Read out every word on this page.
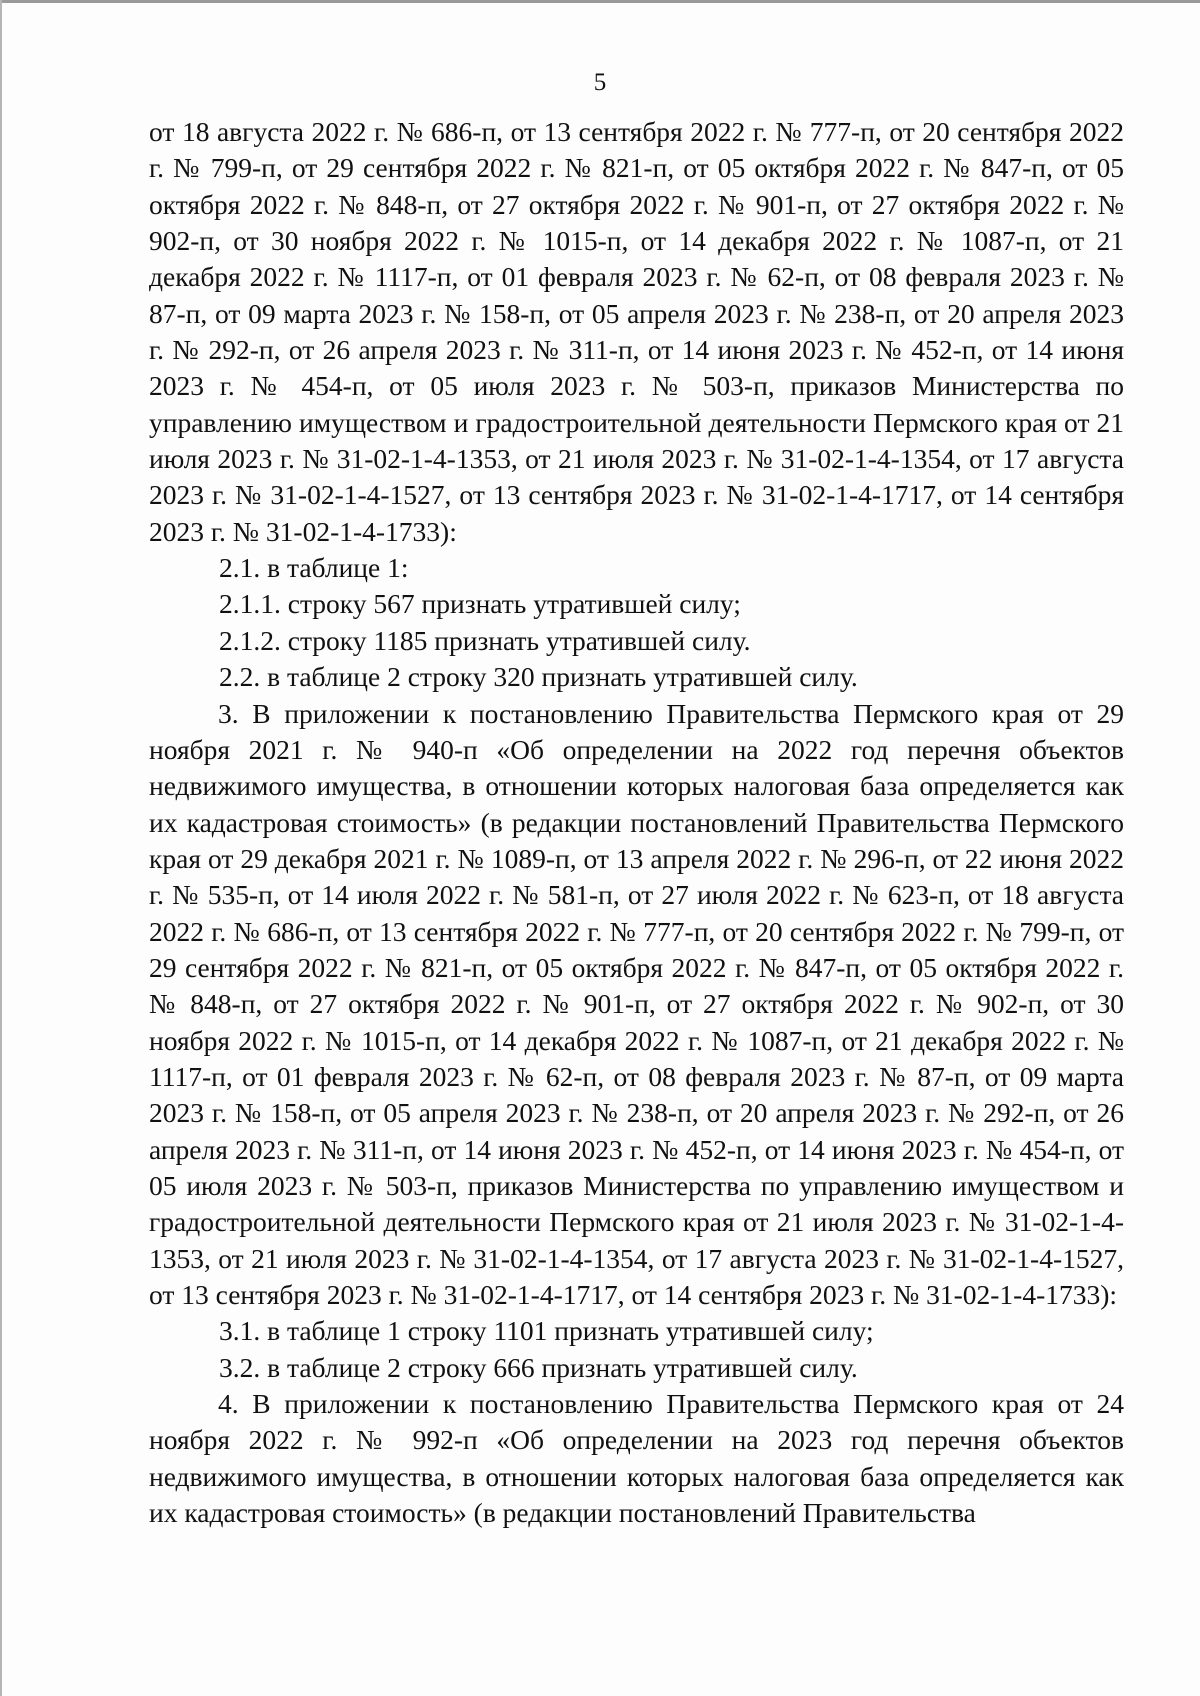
5

от 18 августа 2022 г. № 686-п, от 13 сентября 2022 г. № 777-п, от 20 сентября 2022 г. № 799-п, от 29 сентября 2022 г. № 821-п, от 05 октября 2022 г. № 847-п, от 05 октября 2022 г. № 848-п, от 27 октября 2022 г. № 901-п, от 27 октября 2022 г. № 902-п, от 30 ноября 2022 г. № 1015-п, от 14 декабря 2022 г. № 1087-п, от 21 декабря 2022 г. № 1117-п, от 01 февраля 2023 г. № 62-п, от 08 февраля 2023 г. № 87-п, от 09 марта 2023 г. № 158-п, от 05 апреля 2023 г. № 238-п, от 20 апреля 2023 г. № 292-п, от 26 апреля 2023 г. № 311-п, от 14 июня 2023 г. № 452-п, от 14 июня 2023 г. № 454-п, от 05 июля 2023 г. № 503-п, приказов Министерства по управлению имуществом и градостроительной деятельности Пермского края от 21 июля 2023 г. № 31-02-1-4-1353, от 21 июля 2023 г. № 31-02-1-4-1354, от 17 августа 2023 г. № 31-02-1-4-1527, от 13 сентября 2023 г. № 31-02-1-4-1717, от 14 сентября 2023 г. № 31-02-1-4-1733):

2.1. в таблице 1:

2.1.1. строку 567 признать утратившей силу;

2.1.2. строку 1185 признать утратившей силу.

2.2. в таблице 2 строку 320 признать утратившей силу.

3. В приложении к постановлению Правительства Пермского края от 29 ноября 2021 г. № 940-п «Об определении на 2022 год перечня объектов недвижимого имущества, в отношении которых налоговая база определяется как их кадастровая стоимость» (в редакции постановлений Правительства Пермского края от 29 декабря 2021 г. № 1089-п, от 13 апреля 2022 г. № 296-п, от 22 июня 2022 г. № 535-п, от 14 июля 2022 г. № 581-п, от 27 июля 2022 г. № 623-п, от 18 августа 2022 г. № 686-п, от 13 сентября 2022 г. № 777-п, от 20 сентября 2022 г. № 799-п, от 29 сентября 2022 г. № 821-п, от 05 октября 2022 г. № 847-п, от 05 октября 2022 г. № 848-п, от 27 октября 2022 г. № 901-п, от 27 октября 2022 г. № 902-п, от 30 ноября 2022 г. № 1015-п, от 14 декабря 2022 г. № 1087-п, от 21 декабря 2022 г. № 1117-п, от 01 февраля 2023 г. № 62-п, от 08 февраля 2023 г. № 87-п, от 09 марта 2023 г. № 158-п, от 05 апреля 2023 г. № 238-п, от 20 апреля 2023 г. № 292-п, от 26 апреля 2023 г. № 311-п, от 14 июня 2023 г. № 452-п, от 14 июня 2023 г. № 454-п, от 05 июля 2023 г. № 503-п, приказов Министерства по управлению имуществом и градостроительной деятельности Пермского края от 21 июля 2023 г. № 31-02-1-4-1353, от 21 июля 2023 г. № 31-02-1-4-1354, от 17 августа 2023 г. № 31-02-1-4-1527, от 13 сентября 2023 г. № 31-02-1-4-1717, от 14 сентября 2023 г. № 31-02-1-4-1733):

3.1. в таблице 1 строку 1101 признать утратившей силу;

3.2. в таблице 2 строку 666 признать утратившей силу.

4. В приложении к постановлению Правительства Пермского края от 24 ноября 2022 г. № 992-п «Об определении на 2023 год перечня объектов недвижимого имущества, в отношении которых налоговая база определяется как их кадастровая стоимость» (в редакции постановлений Правительства
